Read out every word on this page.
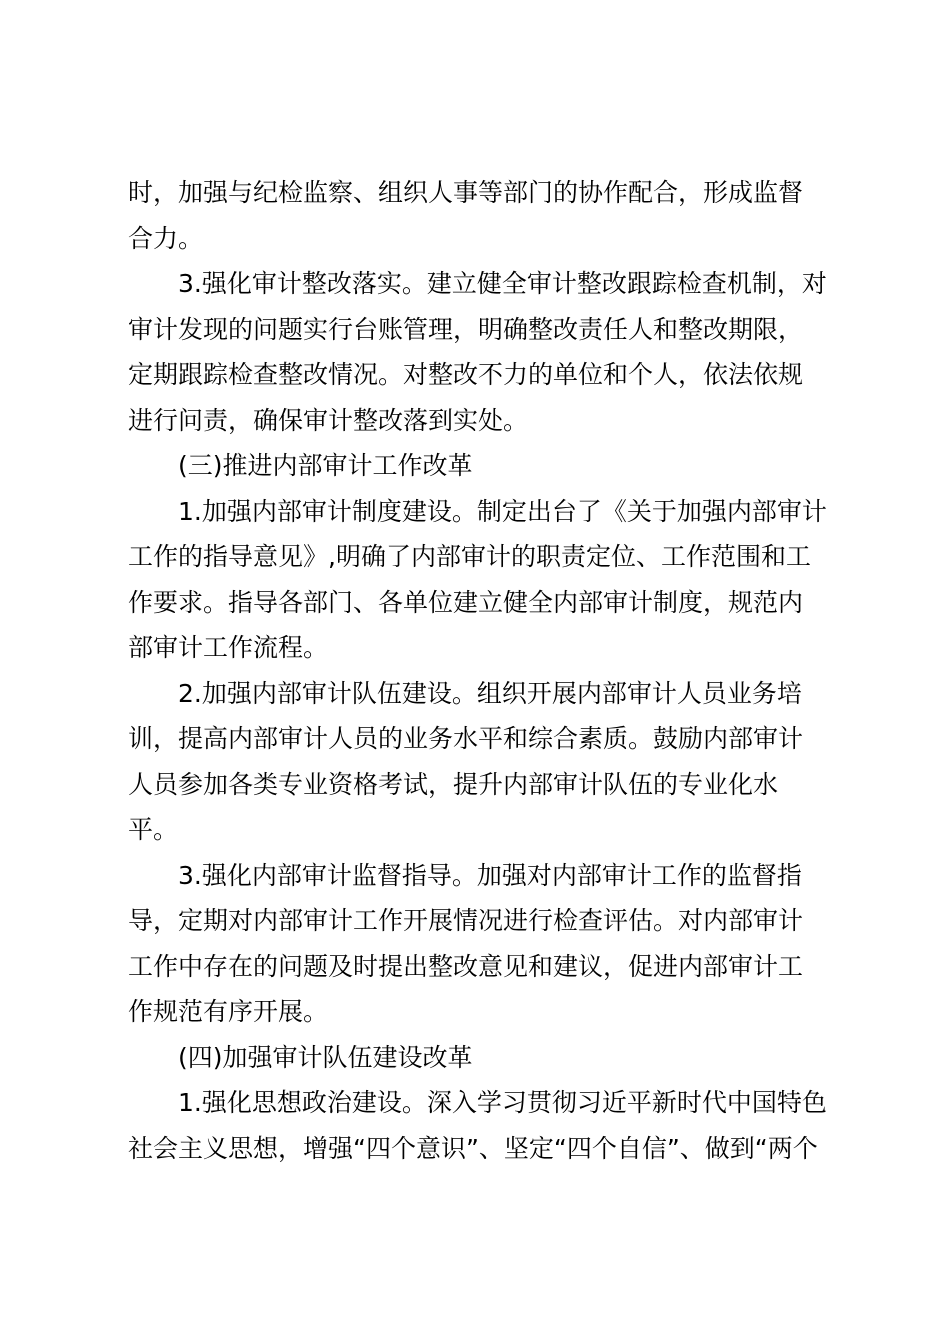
时，加强与纪检监察、组织人事等部门的协作配合，形成监督

合力。

3.强化审计整改落实。建立健全审计整改跟踪检查机制，对

审计发现的问题实行台账管理，明确整改责任人和整改期限，

定期跟踪检查整改情况。对整改不力的单位和个人，依法依规

进行问责，确保审计整改落到实处。

(三)推进内部审计工作改革

1.加强内部审计制度建设。制定出台了《关于加强内部审计

工作的指导意见》,明确了内部审计的职责定位、工作范围和工

作要求。指导各部门、各单位建立健全内部审计制度，规范内

部审计工作流程。

2.加强内部审计队伍建设。组织开展内部审计人员业务培

训，提高内部审计人员的业务水平和综合素质。鼓励内部审计

人员参加各类专业资格考试，提升内部审计队伍的专业化水

平。

3.强化内部审计监督指导。加强对内部审计工作的监督指

导，定期对内部审计工作开展情况进行检查评估。对内部审计

工作中存在的问题及时提出整改意见和建议，促进内部审计工

作规范有序开展。

(四)加强审计队伍建设改革

1.强化思想政治建设。深入学习贯彻习近平新时代中国特色

社会主义思想，增强“四个意识”、坚定“四个自信”、做到“两个
